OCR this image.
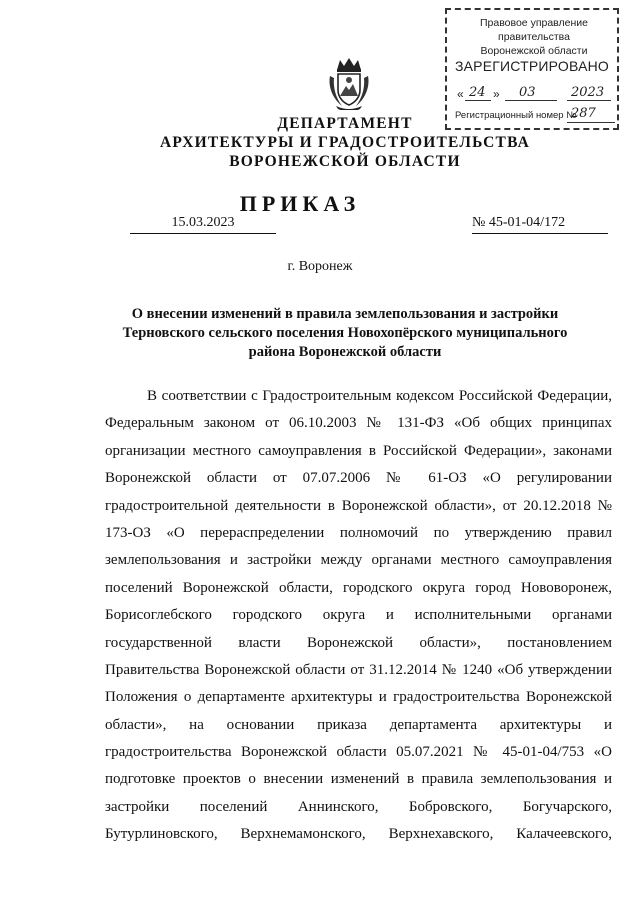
Правовое управление правительства
Воронежской области
ЗАРЕГИСТРИРОВАНО
« 24 » 03	2023
Регистрационный номер №
287
ДЕПАРТАМЕНТ
АРХИТЕКТУРЫ И ГРАДОСТРОИТЕЛЬСТВА
ВОРОНЕЖСКОЙ ОБЛАСТИ
ПРИКАЗ
15.03.2023	№ 45-01-04/172
г. Воронеж
О внесении изменений в правила землепользования и застройки
Терновского сельского поселения Новохопёрского муниципального
района Воронежской области
В соответствии с Градостроительным кодексом Российской Федерации,
Федеральным законом от 06.10.2003 № 131-ФЗ «Об общих принципах
организации местного самоуправления в Российской Федерации», законами
Воронежской области от 07.07.2006 № 61-ОЗ «О регулировании
градостроительной деятельности в Воронежской области», от 20.12.2018 №
173-ОЗ «О перераспределении полномочий по утверждению правил
землепользования и застройки между органами местного самоуправления
поселений Воронежской области, городского округа город Нововоронеж,
Борисоглебского городского округа и исполнительными органами
государственной власти Воронежской области», постановлением
Правительства Воронежской области от 31.12.2014 № 1240 «Об утверждении
Положения о департаменте архитектуры и градостроительства Воронежской
области», на основании приказа департамента архитектуры и
градостроительства Воронежской области 05.07.2021 № 45-01-04/753 «О
подготовке проектов о внесении изменений в правила землепользования и
застройки поселений Аннинского, Бобровского, Богучарского,
Бутурлиновского, Верхнемамонского, Верхнехавского, Калачеевского,
